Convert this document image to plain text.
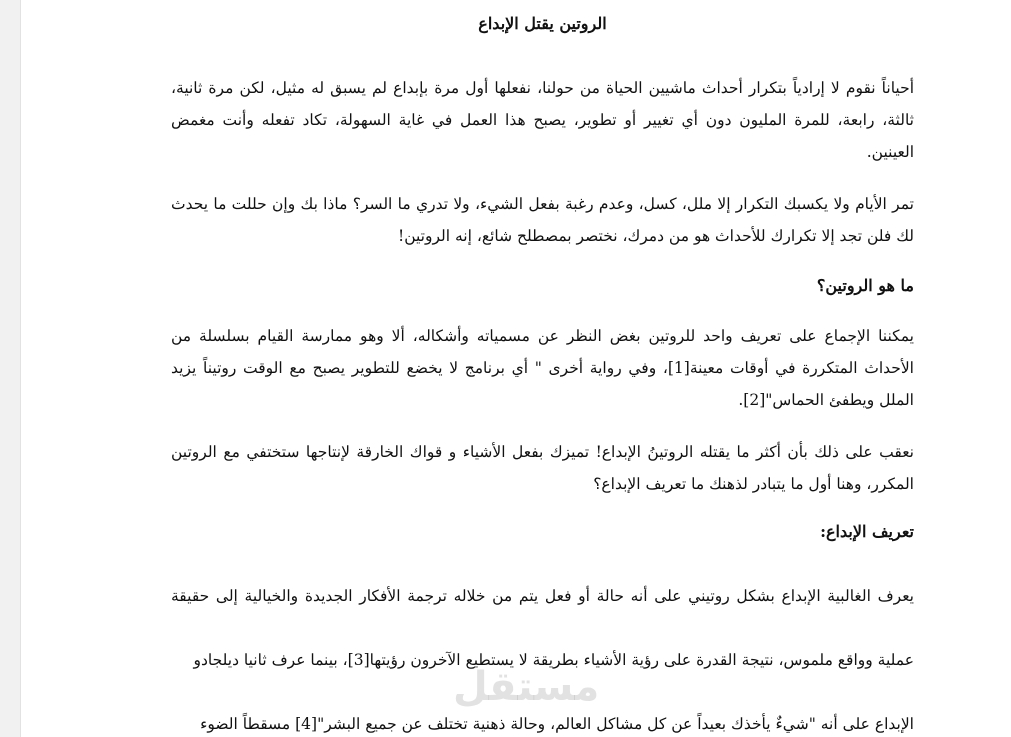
الروتين يقتل الإبداع

أحياناً نقوم لا إرادياً بتكرار أحداث ماشيين الحياة من حولنا، نفعلها أول مرة بإبداع لم يسبق له مثيل، لكن مرة ثانية، ثالثة، رابعة، للمرة المليون دون أي تغيير أو تطوير، يصبح هذا العمل في غاية السهولة، تكاد تفعله وأنت مغمض العينين.

تمر الأيام ولا يكسبك التكرار إلا ملل، كسل، وعدم رغبة بفعل الشيء، ولا تدري ما السر؟ ماذا بك وإن حللت ما يحدث لك فلن تجد إلا تكرارك للأحداث هو من دمرك، نختصر بمصطلح شائع، إنه الروتين!

ما هو الروتين؟

يمكننا الإجماع على تعريف واحد للروتين بغض النظر عن مسمياته وأشكاله، ألا وهو ممارسة القيام بسلسلة من الأحداث المتكررة في أوقات معينة[1]، وفي رواية أخرى " أي برنامج لا يخضع للتطوير يصبح مع الوقت روتيناً يزيد الملل ويطفئ الحماس"[2].

نعقب على ذلك بأن أكثر ما يقتله الروتينُ الإبداع! تميزك بفعل الأشياء و قواك الخارقة لإنتاجها ستختفي مع الروتين المكرر، وهنا أول ما يتبادر لذهنك ما تعريف الإبداع؟

تعريف الإبداع:

يعرف الغالبية الإبداع بشكل روتيني على أنه حالة أو فعل يتم من خلاله ترجمة الأفكار الجديدة والخيالية إلى حقيقة عملية وواقع ملموس، نتيجة القدرة على رؤية الأشياء بطريقة لا يستطيع الآخرون رؤيتها[3]، بينما عرف ثانيا ديلجادو

الإبداع على أنه "شيءٌ يأخذك بعيداً عن كل مشاكل العالم، وحالة ذهنية تختلف عن جميع البشر"[4] مسقطاً الضوء

مستقل
